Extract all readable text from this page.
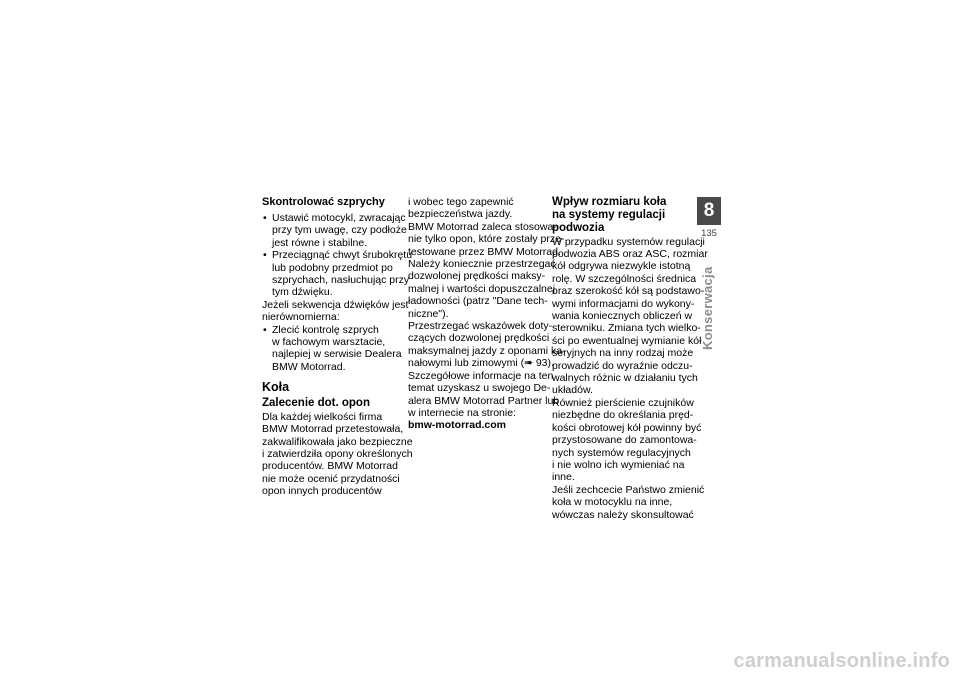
Skontrolować szprychy
• Ustawić motocykl, zwracając
przy tym uwagę, czy podłoże
jest równe i stabilne.
• Przeciągnąć chwyt śrubokrętu
lub podobny przedmiot po
szprychach, nasłuchując przy
tym dźwięku.
Jeżeli sekwencja dźwięków jest
nierównomierna:
• Zlecić kontrolę szprych
w fachowym warsztacie,
najlepiej w serwisie Dealera
BMW Motorrad.
Koła
Zalecenie dot. opon
Dla każdej wielkości firma
BMW Motorrad przetestowała,
zakwalifikowała jako bezpieczne
i zatwierdziła opony określonych
producentów. BMW Motorrad
nie może ocenić przydatności
opon innych producentów
i wobec tego zapewnić
bezpieczeństwa jazdy.
BMW Motorrad zaleca stosowa-
nie tylko opon, które zostały prze-
testowane przez BMW Motorrad.
Należy koniecznie przestrzegać
dozwolonej prędkości maksy-
malnej i wartości dopuszczalnej
ładowności (patrz "Dane tech-
niczne").
Przestrzegać wskazówek doty-
czących dozwolonej prędkości
maksymalnej jazdy z oponami ka-
nałowymi lub zimowymi (➠ 93).
Szczegółowe informacje na ten
temat uzyskasz u swojego De-
alera BMW Motorrad Partner lub
w internecie na stronie:
bmw-motorrad.com
Wpływ rozmiaru koła
na systemy regulacji
podwozia
W przypadku systemów regulacji
podwozia ABS oraz ASC, rozmiar
kół odgrywa niezwykle istotną
rolę. W szczególności średnica
oraz szerokość kół są podstawo-
wymi informacjami do wykony-
wania koniecznych obliczeń w
sterowniku. Zmiana tych wielko-
ści po ewentualnej wymianie kół
seryjnych na inny rodzaj może
prowadzić do wyraźnie odczu-
walnych różnic w działaniu tych
układów.
Również pierścienie czujników
niezbędne do określania pręd-
kości obrotowej kół powinny być
przystosowane do zamontowa-
nych systemów regulacyjnych
i nie wolno ich wymieniać na
inne.
Jeśli zechcecie Państwo zmienić
koła w motocyklu na inne,
wówczas należy skonsultować
8
135
Konserwacja
carmanualsonline.info
